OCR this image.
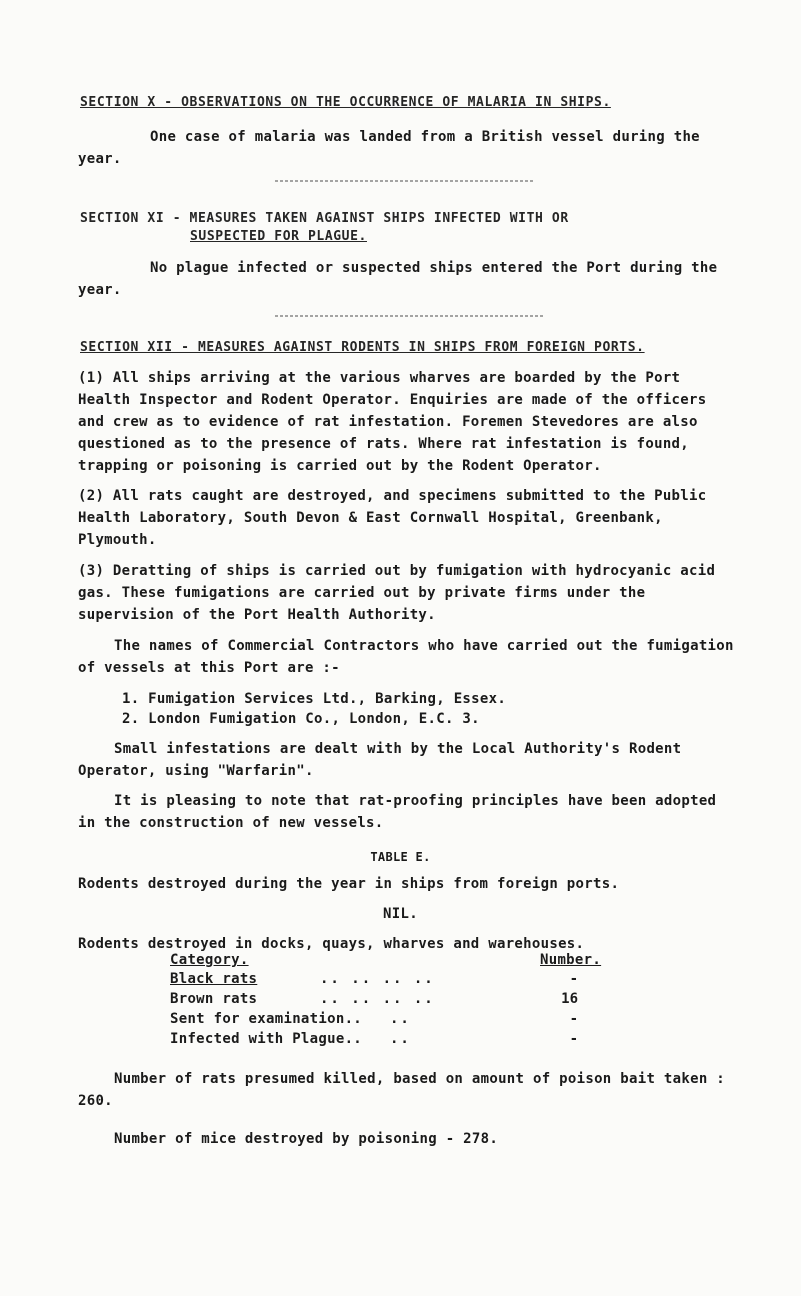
SECTION X - OBSERVATIONS ON THE OCCURRENCE OF MALARIA IN SHIPS.
One case of malaria was landed from a British vessel during the year.
SECTION XI - MEASURES TAKEN AGAINST SHIPS INFECTED WITH OR
SUSPECTED FOR PLAGUE.
No plague infected or suspected ships entered the Port during the year.
SECTION XII - MEASURES AGAINST RODENTS IN SHIPS FROM FOREIGN PORTS.
(1) All ships arriving at the various wharves are boarded by the Port Health Inspector and Rodent Operator. Enquiries are made of the officers and crew as to evidence of rat infestation. Foremen Stevedores are also questioned as to the presence of rats. Where rat infestation is found, trapping or poisoning is carried out by the Rodent Operator.
(2) All rats caught are destroyed, and specimens submitted to the Public Health Laboratory, South Devon & East Cornwall Hospital, Greenbank, Plymouth.
(3) Deratting of ships is carried out by fumigation with hydrocyanic acid gas. These fumigations are carried out by private firms under the supervision of the Port Health Authority.
The names of Commercial Contractors who have carried out the fumigation of vessels at this Port are :-
1. Fumigation Services Ltd., Barking, Essex.
2. London Fumigation Co., London, E.C. 3.
Small infestations are dealt with by the Local Authority's Rodent Operator, using "Warfarin".
It is pleasing to note that rat-proofing principles have been adopted in the construction of new vessels.
TABLE E.
Rodents destroyed during the year in ships from foreign ports.
NIL.
Rodents destroyed in docks, quays, wharves and warehouses.
Category.	Number.
Black rats	.. .. .. ..	-
Brown rats	.. .. .. ..	16
Sent for examination.. ..	-
Infected with Plague.. ..	-
Number of rats presumed killed, based on amount of poison bait taken : 260.
Number of mice destroyed by poisoning - 278.
